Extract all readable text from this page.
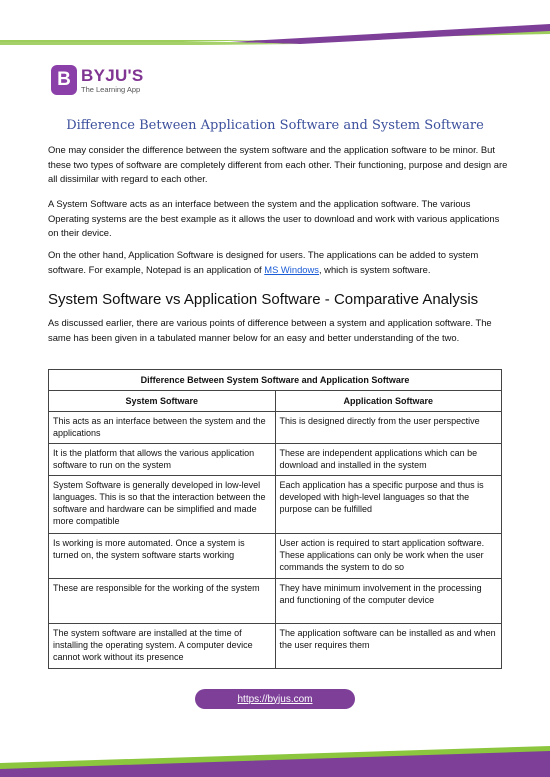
B BYJU'S
The Learning App
Difference Between Application Software and System Software

One may consider the difference between the system software and the application software to be minor. But these two types of software are completely different from each other. Their functioning, purpose and design are all dissimilar with regard to each other.

A System Software acts as an interface between the system and the application software. The various Operating systems are the best example as it allows the user to download and work with various applications on their device.

On the other hand, Application Software is designed for users. The applications can be added to system software. For example, Notepad is an application of MS Windows, which is system software.

System Software vs Application Software - Comparative Analysis

As discussed earlier, there are various points of difference between a system and application software. The same has been given in a tabulated manner below for an easy and better understanding of the two.

Difference Between System Software and Application Software	
System Software	Application Software
This acts as an interface between the system and the applications	This is designed directly from the user perspective
It is the platform that allows the various application software to run on the system	These are independent applications which can be download and installed in the system
System Software is generally developed in low-level languages. This is so that the interaction between the software and hardware can be simplified and made more compatible	Each application has a specific purpose and thus is developed with high-level languages so that the purpose can be fulfilled
Is working is more automated. Once a system is turned on, the system software starts working	User action is required to start application software. These applications can only be work when the user commands the system to do so
These are responsible for the working of the system	They have minimum involvement in the processing and functioning of the computer device
The system software are installed at the time of installing the operating system. A computer device cannot work without its presence	The application software can be installed as and when the user requires them
https://byjus.com
